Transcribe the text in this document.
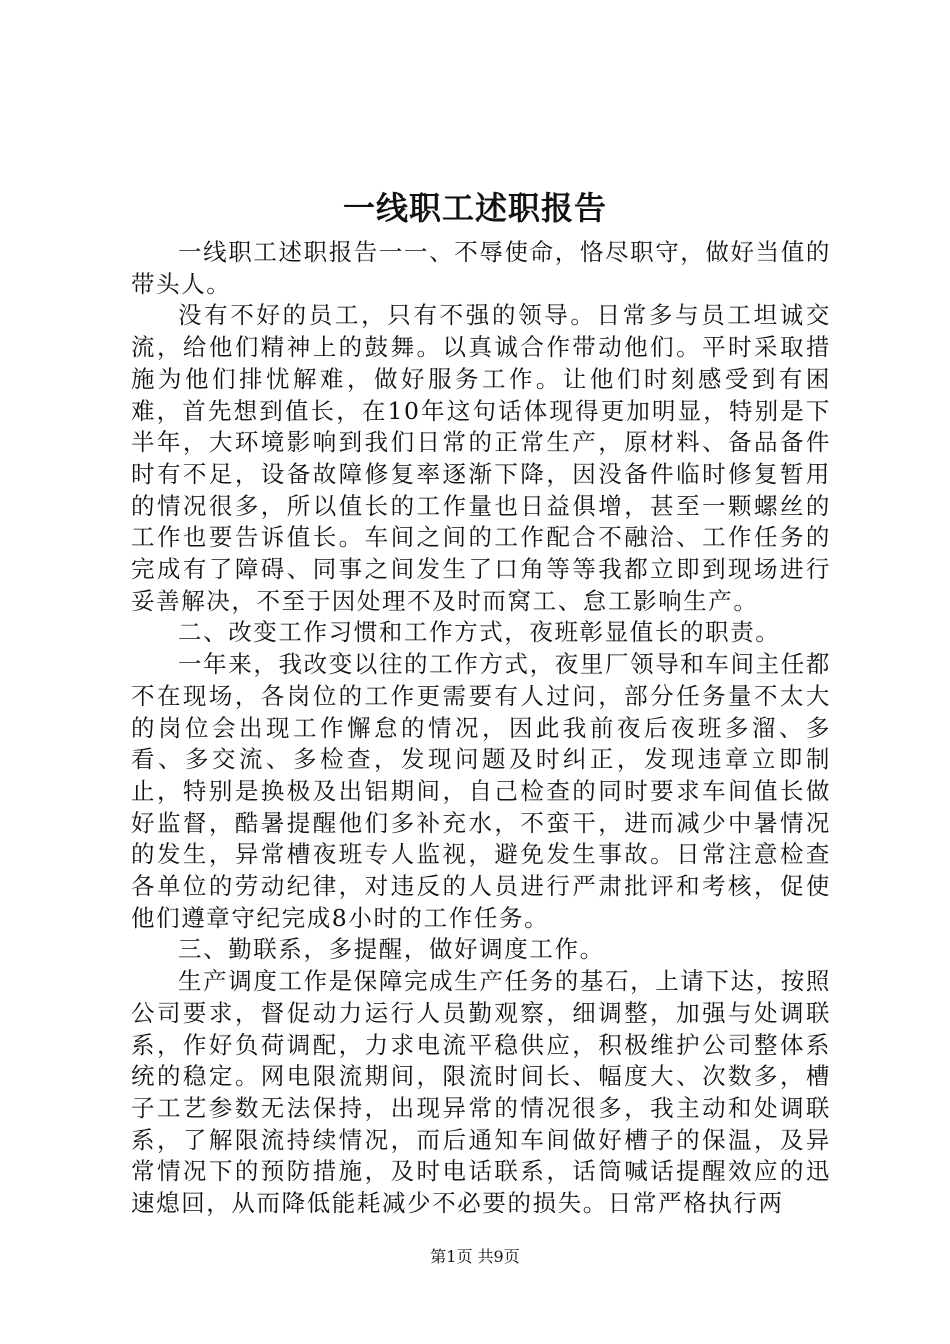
一线职工述职报告

一线职工述职报告一一、不辱使命，恪尽职守，做好当值的带头人。

没有不好的员工，只有不强的领导。日常多与员工坦诚交流，给他们精神上的鼓舞。以真诚合作带动他们。平时采取措施为他们排忧解难，做好服务工作。让他们时刻感受到有困难，首先想到值长，在10年这句话体现得更加明显，特别是下半年，大环境影响到我们日常的正常生产，原材料、备品备件时有不足，设备故障修复率逐渐下降，因没备件临时修复暂用的情况很多，所以值长的工作量也日益俱增，甚至一颗螺丝的工作也要告诉值长。车间之间的工作配合不融洽、工作任务的完成有了障碍、同事之间发生了口角等等我都立即到现场进行妥善解决，不至于因处理不及时而窝工、怠工影响生产。

二、改变工作习惯和工作方式，夜班彰显值长的职责。

一年来，我改变以往的工作方式，夜里厂领导和车间主任都不在现场，各岗位的工作更需要有人过问，部分任务量不太大的岗位会出现工作懈怠的情况，因此我前夜后夜班多溜、多看、多交流、多检查，发现问题及时纠正，发现违章立即制止，特别是换极及出铝期间，自己检查的同时要求车间值长做好监督，酷暑提醒他们多补充水，不蛮干，进而减少中暑情况的发生，异常槽夜班专人监视，避免发生事故。日常注意检查各单位的劳动纪律，对违反的人员进行严肃批评和考核，促使他们遵章守纪完成8小时的工作任务。

三、勤联系，多提醒，做好调度工作。

生产调度工作是保障完成生产任务的基石，上请下达，按照公司要求，督促动力运行人员勤观察，细调整，加强与处调联系，作好负荷调配，力求电流平稳供应，积极维护公司整体系统的稳定。网电限流期间，限流时间长、幅度大、次数多，槽子工艺参数无法保持，出现异常的情况很多，我主动和处调联系，了解限流持续情况，而后通知车间做好槽子的保温，及异常情况下的预防措施，及时电话联系，话筒喊话提醒效应的迅速熄回，从而降低能耗减少不必要的损失。日常严格执行两

第1页 共9页
